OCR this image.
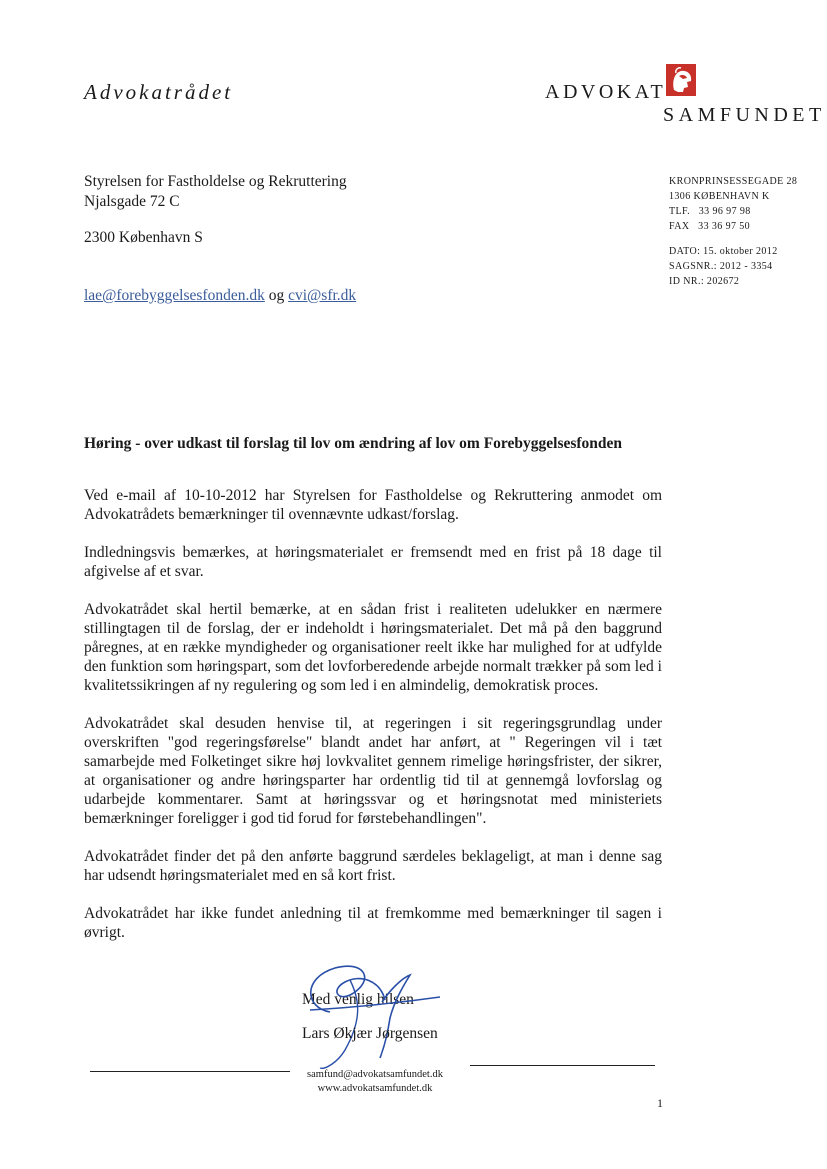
Advokatrådet	ADVOKAT
SAMFUNDET
Styrelsen for Fastholdelse og Rekruttering
Njalsgade 72 C
2300 København S
lae@forebyggelsesfonden.dk og cvi@sfr.dk
KRONPRINSESSEGADE 28
1306 KØBENHAVN K
TLF. 33 96 97 98
FAX 33 36 97 50
DATO: 15. oktober 2012
SAGSNR.: 2012 - 3354
ID NR.: 202672
Høring - over udkast til forslag til lov om ændring af lov om Forebyggelsesfonden

Ved e-mail af 10-10-2012 har Styrelsen for Fastholdelse og Rekruttering anmodet om Advokatrådets bemærkninger til ovennævnte udkast/forslag.

Indledningsvis bemærkes, at høringsmaterialet er fremsendt med en frist på 18 dage til afgivelse af et svar.

Advokatrådet skal hertil bemærke, at en sådan frist i realiteten udelukker en nærmere stillingtagen til de forslag, der er indeholdt i høringsmaterialet. Det må på den baggrund påregnes, at en række myndigheder og organisationer reelt ikke har mulighed for at udfylde den funktion som høringspart, som det lovforberedende arbejde normalt trækker på som led i kvalitetssikringen af ny regulering og som led i en almindelig, demokratisk proces.

Advokatrådet skal desuden henvise til, at regeringen i sit regeringsgrundlag under overskriften "god regeringsførelse" blandt andet har anført, at " Regeringen vil i tæt samarbejde med Folketinget sikre høj lovkvalitet gennem rimelige høringsfrister, der sikrer, at organisationer og andre høringsparter har ordentlig tid til at gennemgå lovforslag og udarbejde kommentarer. Samt at høringssvar og et høringsnotat med ministeriets bemærkninger foreligger i god tid forud for førstebehandlingen".

Advokatrådet finder det på den anførte baggrund særdeles beklageligt, at man i denne sag har udsendt høringsmaterialet med en så kort frist.

Advokatrådet har ikke fundet anledning til at fremkomme med bemærkninger til sagen i øvrigt.

Med venlig hilsen
Lars Økjær Jørgensen
samfund@advokatsamfundet.dk
www.advokatsamfundet.dk
1
